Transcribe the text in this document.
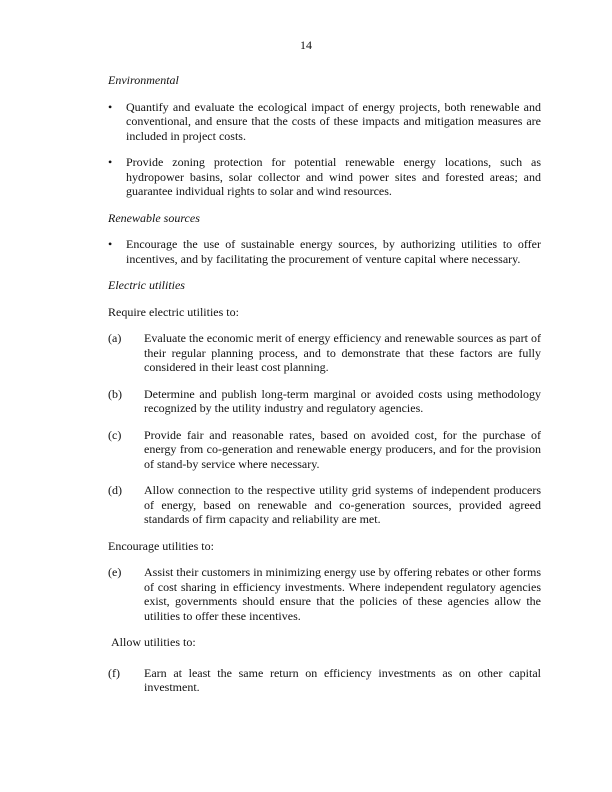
14

Environmental

•	Quantify and evaluate the ecological impact of energy projects, both renewable and conventional, and ensure that the costs of these impacts and mitigation measures are included in project costs.
•	Provide zoning protection for potential renewable energy locations, such as hydropower basins, solar collector and wind power sites and forested areas; and guarantee individual rights to solar and wind resources.

Renewable sources

•	Encourage the use of sustainable energy sources, by authorizing utilities to offer incentives, and by facilitating the procurement of venture capital where necessary.

Electric utilities

Require electric utilities to:

(a)	Evaluate the economic merit of energy efficiency and renewable sources as part of their regular planning process, and to demonstrate that these factors are fully considered in their least cost planning.
(b)	Determine and publish long-term marginal or avoided costs using methodology recognized by the utility industry and regulatory agencies.
(c)	Provide fair and reasonable rates, based on avoided cost, for the purchase of energy from co-generation and renewable energy producers, and for the provision of stand-by service where necessary.
(d)	Allow connection to the respective utility grid systems of independent producers of energy, based on renewable and co-generation sources, provided agreed standards of firm capacity and reliability are met.

Encourage utilities to:

(e)	Assist their customers in minimizing energy use by offering rebates or other forms of cost sharing in efficiency investments. Where independent regulatory agencies exist, governments should ensure that the policies of these agencies allow the utilities to offer these incentives.

Allow utilities to:

(f)	Earn at least the same return on efficiency investments as on other capital investment.
